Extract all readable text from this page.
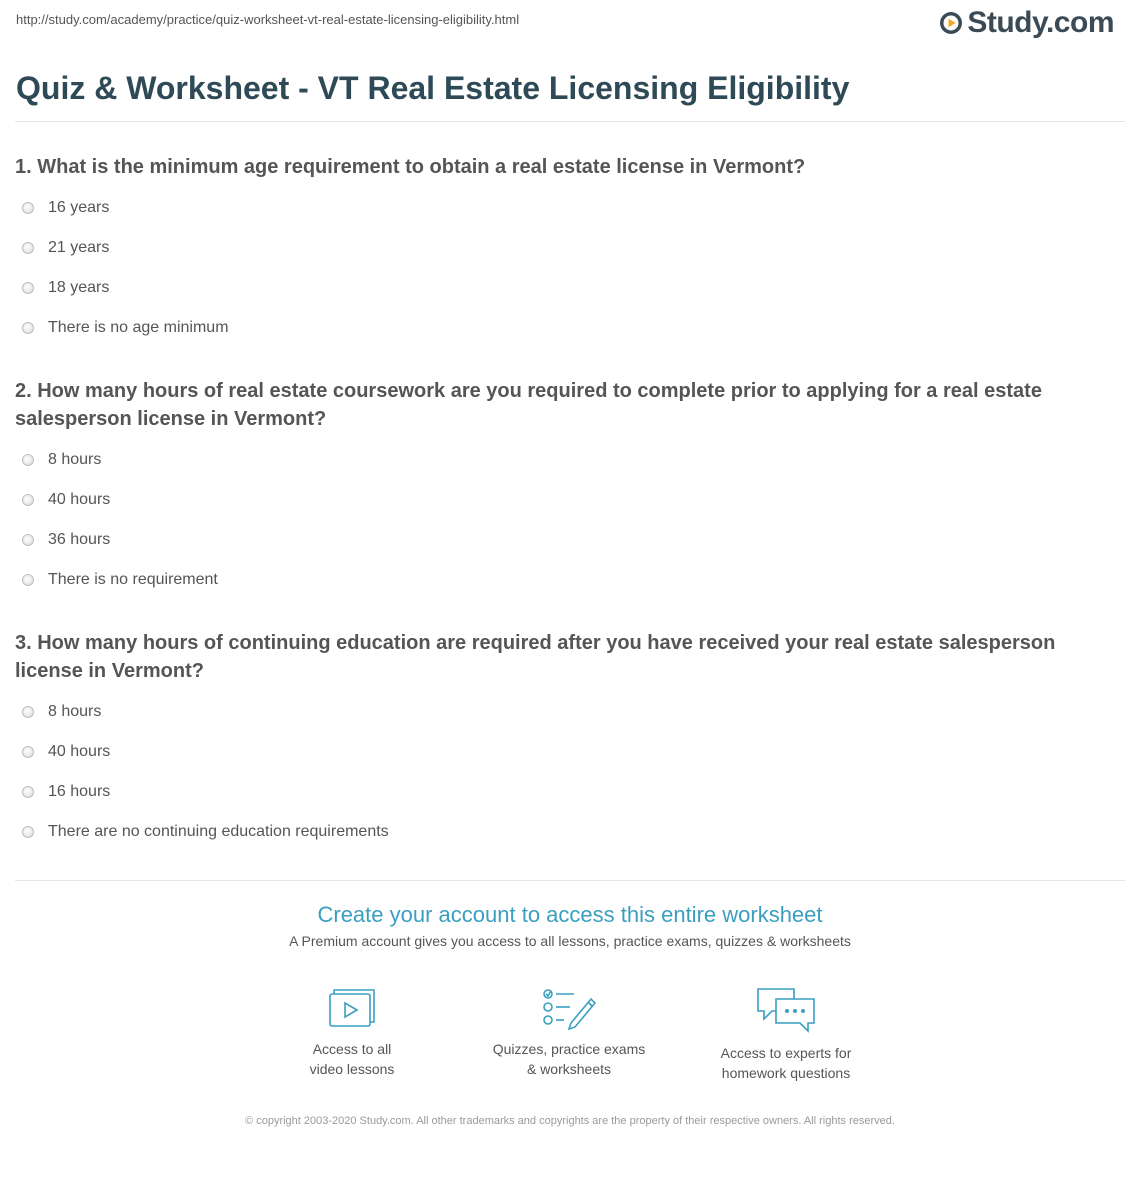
http://study.com/academy/practice/quiz-worksheet-vt-real-estate-licensing-eligibility.html	Study.com
Quiz & Worksheet - VT Real Estate Licensing Eligibility

1. What is the minimum age requirement to obtain a real estate license in Vermont?

16 years
21 years
18 years
There is no age minimum

2. How many hours of real estate coursework are you required to complete prior to applying for a real estate salesperson license in Vermont?

8 hours
40 hours
36 hours
There is no requirement

3. How many hours of continuing education are required after you have received your real estate salesperson license in Vermont?

8 hours
40 hours
16 hours
There are no continuing education requirements
Create your account to access this entire worksheet
A Premium account gives you access to all lessons, practice exams, quizzes & worksheets
Access to all
video lessons
Quizzes, practice exams
& worksheets
Access to experts for
homework questions
© copyright 2003-2020 Study.com. All other trademarks and copyrights are the property of their respective owners. All rights reserved.
